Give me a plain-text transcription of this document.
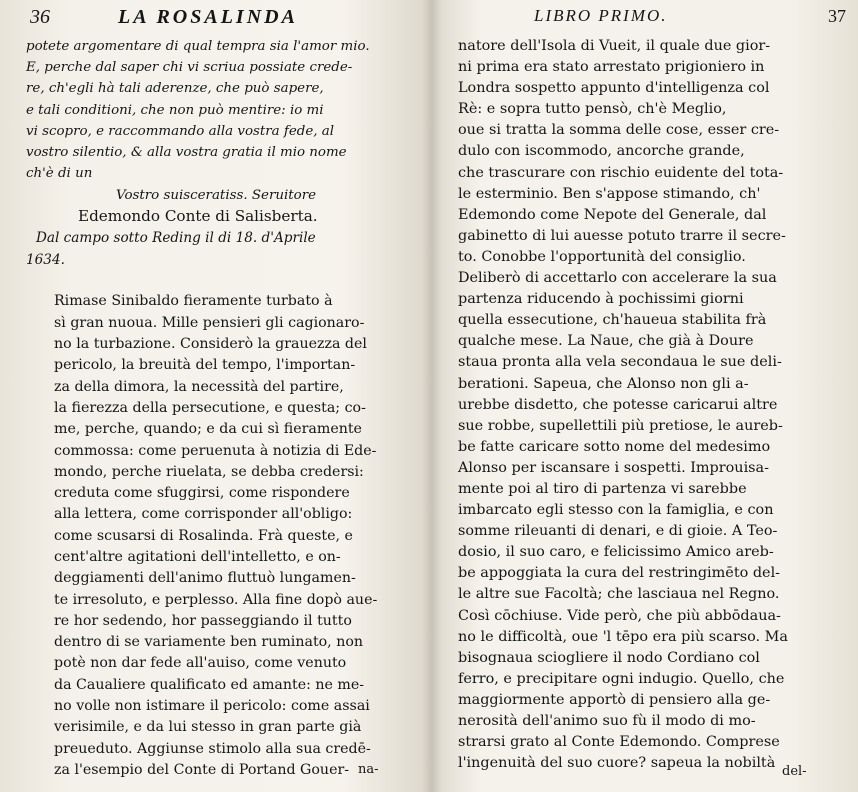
36	LA ROSALINDA
potete argomentare di qual tempra sia l'amor mio.
E, perche dal saper chi vi scriua possiate crede-
re, ch'egli hà tali aderenze, che può sapere,
e tali conditioni, che non può mentire: io mi
vi scopro, e raccommando alla vostra fede, al
vostro silentio, & alla vostra gratia il mio nome
ch'è di un
Vostro suisceratiss. Seruitore
Edemondo Conte di Salisberta.
Dal campo sotto Reding il di 18. d'Aprile
1634.
Rimase Sinibaldo fieramente turbato à
sì gran nuoua. Mille pensieri gli cagionaro-
no la turbazione. Considerò la grauezza del
pericolo, la breuità del tempo, l'importan-
za della dimora, la necessità del partire,
la fierezza della persecutione, e questa; co-
me, perche, quando; e da cui sì fieramente
commossa: come peruenuta à notizia di Ede-
mondo, perche riuelata, se debba credersi:
creduta come sfuggirsi, come rispondere
alla lettera, come corrisponder all'obligo:
come scusarsi di Rosalinda. Frà queste, e
cent'altre agitationi dell'intelletto, e on-
deggiamenti dell'animo fluttuò lungamen-
te irresoluto, e perplesso. Alla fine dopò aue-
re hor sedendo, hor passeggiando il tutto
dentro di se variamente ben ruminato, non
potè non dar fede all'auiso, come venuto
da Caualiere qualificato ed amante: ne me-
no volle non istimare il pericolo: come assai
verisimile, e da lui stesso in gran parte già
preueduto. Aggiunse stimolo alla sua credē-
za l'esempio del Conte di Portand Gouer- na-
LIBRO PRIMO.	37
natore dell'Isola di Vueit, il quale due gior-
ni prima era stato arrestato prigioniero in
Londra sospetto appunto d'intelligenza col
Rè: e sopra tutto pensò, ch'è Meglio,
oue si tratta la somma delle cose, esser cre-
dulo con iscommodo, ancorche grande,
che trascurare con rischio euidente del tota-
le esterminio. Ben s'appose stimando, ch'
Edemondo come Nepote del Generale, dal
gabinetto di lui auesse potuto trarre il secre-
to. Conobbe l'opportunità del consiglio.
Deliberò di accettarlo con accelerare la sua
partenza riducendo à pochissimi giorni
quella essecutione, ch'haueua stabilita frà
qualche mese. La Naue, che già à Doure
staua pronta alla vela secondaua le sue deli-
berationi. Sapeua, che Alonso non gli a-
urebbe disdetto, che potesse caricarui altre
sue robbe, supellettili più pretiose, le aureb-
be fatte caricare sotto nome del medesimo
Alonso per iscansare i sospetti. Improuisa-
mente poi al tiro di partenza vi sarebbe
imbarcato egli stesso con la famiglia, e con
somme rileuanti di denari, e di gioie. A Teo-
dosio, il suo caro, e felicissimo Amico areb-
be appoggiata la cura del restringimēto del-
le altre sue Facoltà; che lasciaua nel Regno.
Così cōchiuse. Vide però, che più abbōdaua-
no le difficoltà, oue 'l tēpo era più scarso. Ma
bisognaua sciogliere il nodo Cordiano col
ferro, e precipitare ogni indugio. Quello, che
maggiormente apportò di pensiero alla ge-
nerosità dell'animo suo fù il modo di mo-
strarsi grato al Conte Edemondo. Comprese
l'ingenuità del suo cuore? sapeua la nobiltà
del-
